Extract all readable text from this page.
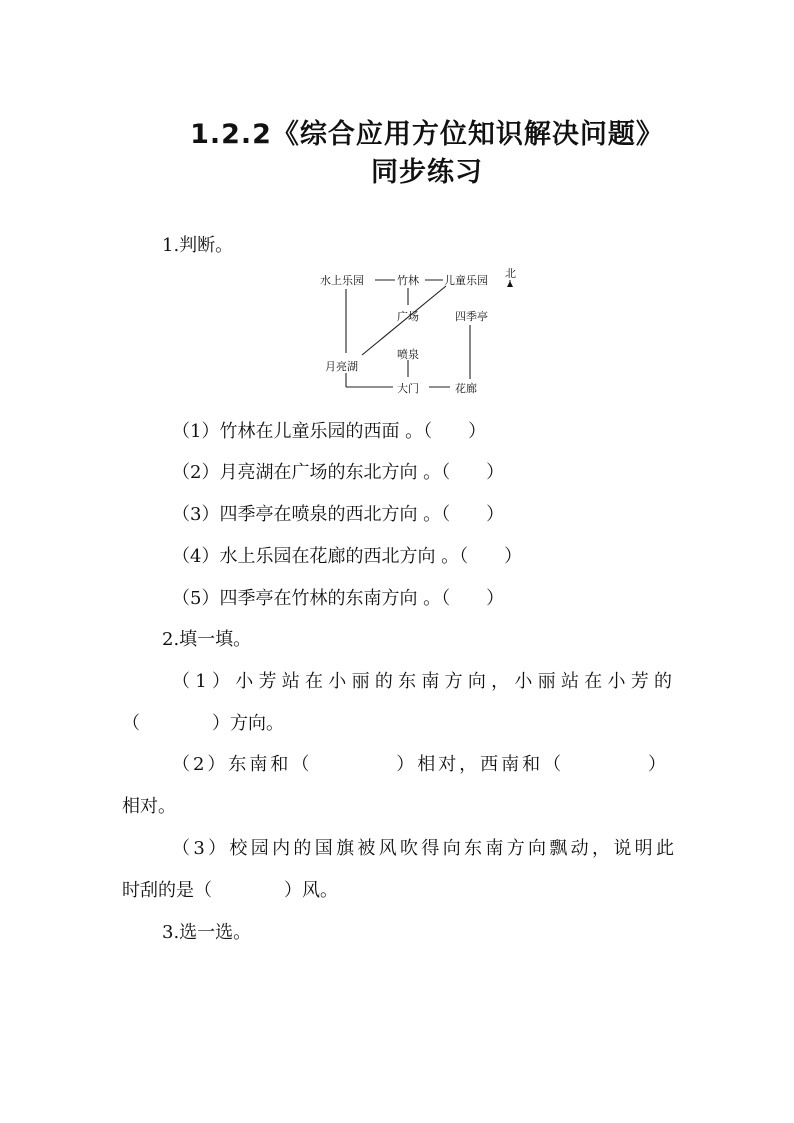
1.2.2《综合应用方位知识解决问题》
同步练习
1.判断。
水上乐园	竹林 儿童乐园
北
广场	四季亭
喷泉
月亮湖
大门	花廊
（1）竹林在儿童乐园的西面 。（　　）
（2）月亮湖在广场的东北方向 。（　　）
（3）四季亭在喷泉的西北方向 。（　　）
（4）水上乐园在花廊的西北方向 。（　　）
（5）四季亭在竹林的东南方向 。（　　）
2.填一填。
（1）小芳站在小丽的东南方向，小丽站在小芳的
（　　　　）方向。
（2）东南和（　　　　）相对，西南和（　　　　）
相对。
（3）校园内的国旗被风吹得向东南方向飘动，说明此
时刮的是（　　　　）风。
3.选一选。
